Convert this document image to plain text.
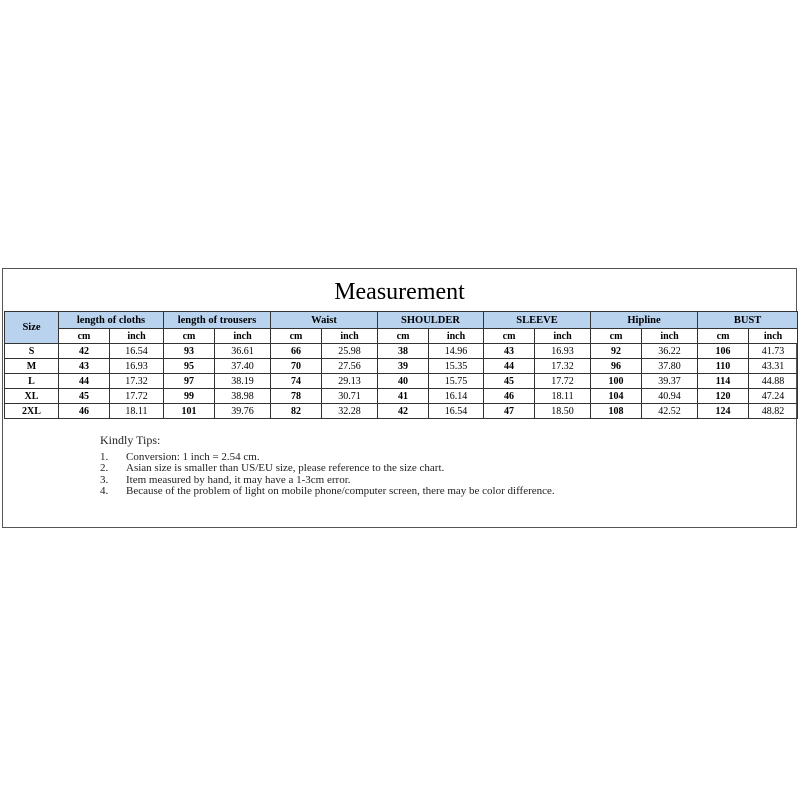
Measurement
Size	length of cloths		length of trousers		Waist		SHOULDER		SLEEVE		Hipline		BUST	
	cm	inch	cm	inch	cm	inch	cm	inch	cm	inch	cm	inch	cm	inch
S	42	16.54	93	36.61	66	25.98	38	14.96	43	16.93	92	36.22	106	41.73
M	43	16.93	95	37.40	70	27.56	39	15.35	44	17.32	96	37.80	110	43.31
L	44	17.32	97	38.19	74	29.13	40	15.75	45	17.72	100	39.37	114	44.88
XL	45	17.72	99	38.98	78	30.71	41	16.14	46	18.11	104	40.94	120	47.24
2XL	46	18.11	101	39.76	82	32.28	42	16.54	47	18.50	108	42.52	124	48.82
Kindly Tips:
1.	Conversion: 1 inch = 2.54 cm.
2.	Asian size is smaller than US/EU size, please reference to the size chart.
3.	Item measured by hand, it may have a 1-3cm error.
4.	Because of the problem of light on mobile phone/computer screen, there may be color difference.
